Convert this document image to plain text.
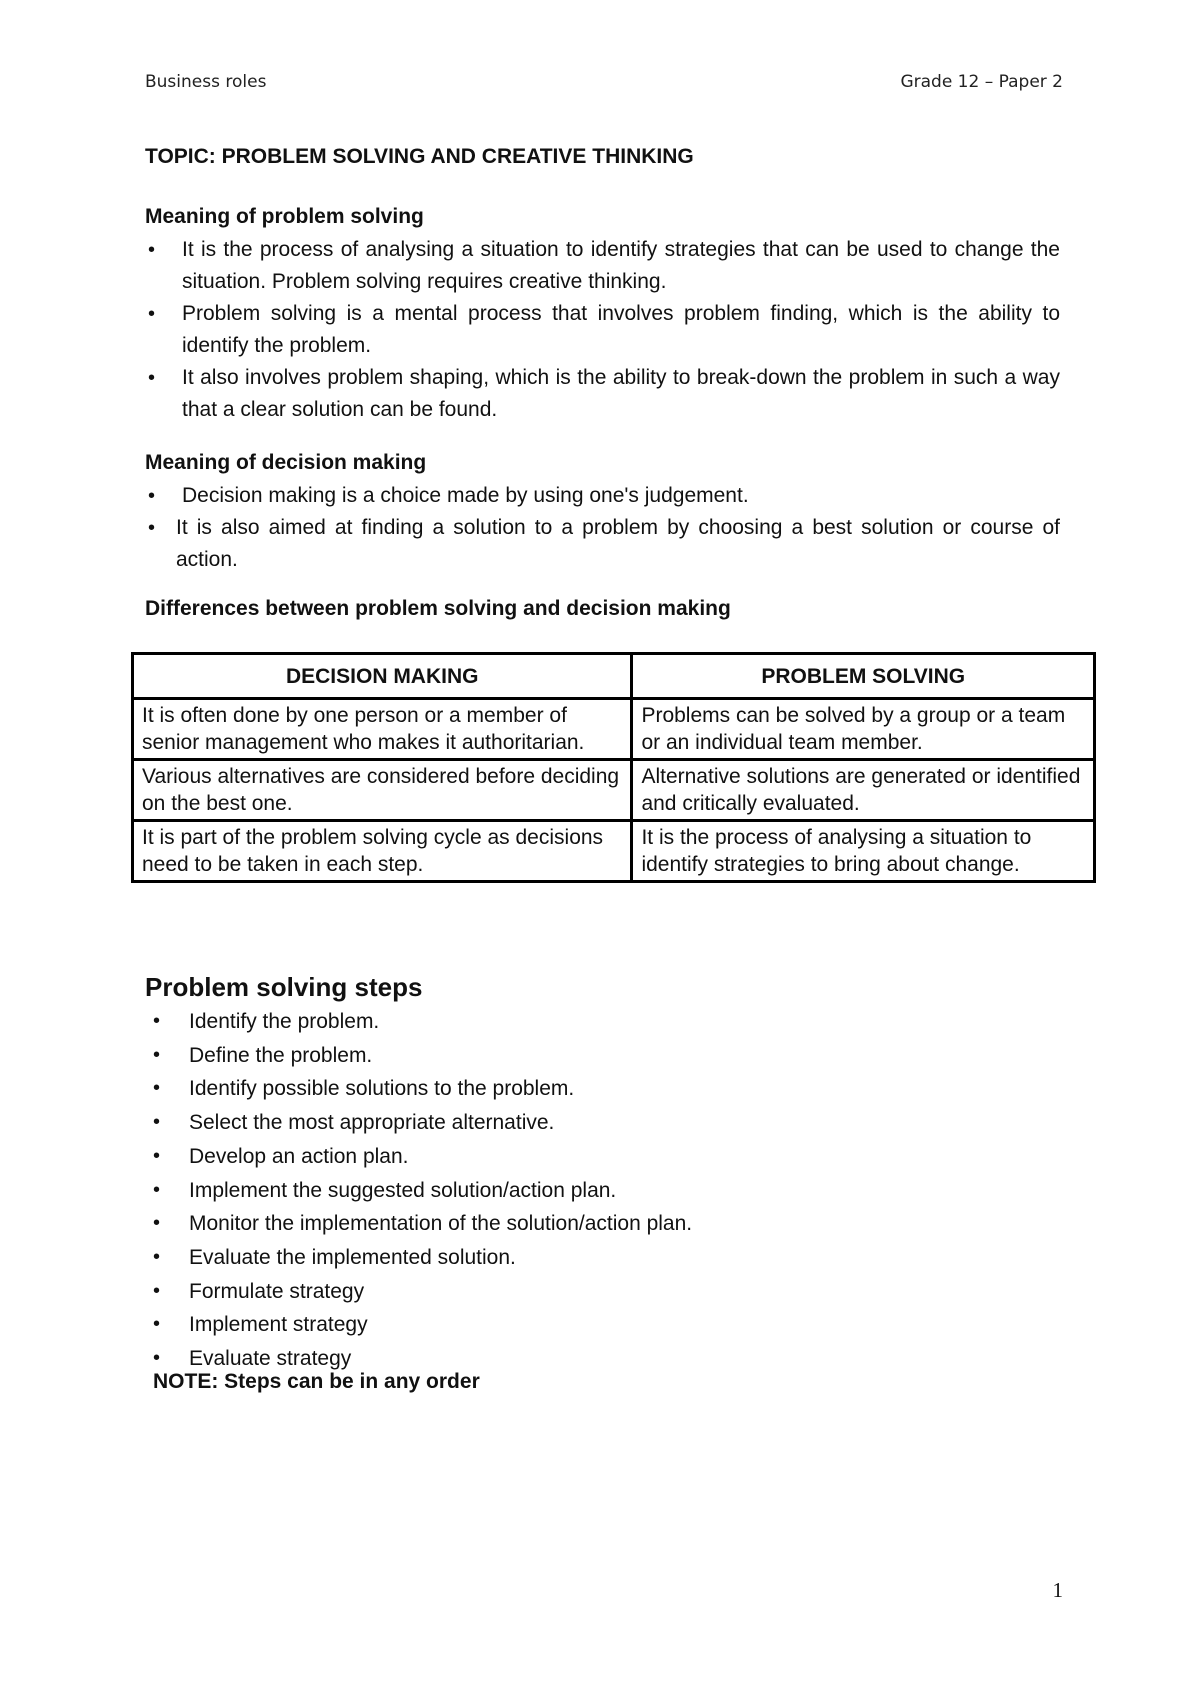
Business roles	Grade 12 – Paper 2
TOPIC: PROBLEM SOLVING AND CREATIVE THINKING
Meaning of problem solving
• It is the process of analysing a situation to identify strategies that can be used to change the situation. Problem solving requires creative thinking.
• Problem solving is a mental process that involves problem finding, which is the ability to identify the problem.
• It also involves problem shaping, which is the ability to break-down the problem in such a way that a clear solution can be found.
Meaning of decision making
• Decision making is a choice made by using one's judgement.
• It is also aimed at finding a solution to a problem by choosing a best solution or course of action.
Differences between problem solving and decision making
DECISION MAKING	PROBLEM SOLVING
It is often done by one person or a member of senior management who makes it authoritarian.	Problems can be solved by a group or a team or an individual team member.
Various alternatives are considered before deciding on the best one.	Alternative solutions are generated or identified and critically evaluated.
It is part of the problem solving cycle as decisions need to be taken in each step.	It is the process of analysing a situation to identify strategies to bring about change.
Problem solving steps
• Identify the problem.
• Define the problem.
• Identify possible solutions to the problem.
• Select the most appropriate alternative.
• Develop an action plan.
• Implement the suggested solution/action plan.
• Monitor the implementation of the solution/action plan.
• Evaluate the implemented solution.
• Formulate strategy
• Implement strategy
• Evaluate strategy
NOTE: Steps can be in any order
1
